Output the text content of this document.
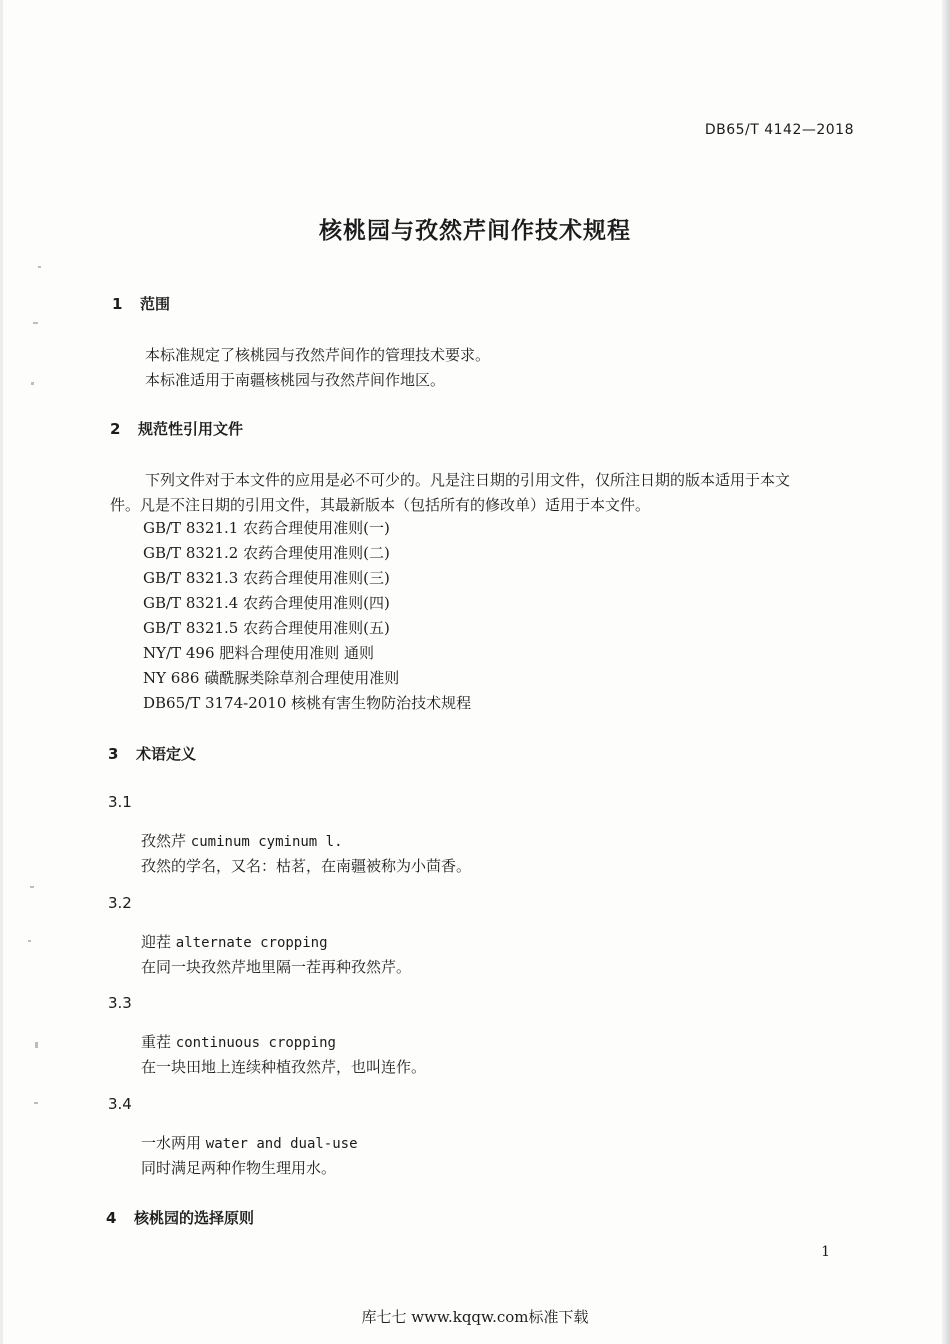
DB65/T 4142—2018
核桃园与孜然芹间作技术规程
1 范围
本标准规定了核桃园与孜然芹间作的管理技术要求。
本标准适用于南疆核桃园与孜然芹间作地区。
2 规范性引用文件
下列文件对于本文件的应用是必不可少的。凡是注日期的引用文件，仅所注日期的版本适用于本文
件。凡是不注日期的引用文件，其最新版本（包括所有的修改单）适用于本文件。
GB/T 8321.1 农药合理使用准则(一)
GB/T 8321.2 农药合理使用准则(二)
GB/T 8321.3 农药合理使用准则(三)
GB/T 8321.4 农药合理使用准则(四)
GB/T 8321.5 农药合理使用准则(五)
NY/T 496 肥料合理使用准则 通则
NY 686 磺酰脲类除草剂合理使用准则
DB65/T 3174-2010 核桃有害生物防治技术规程
3 术语定义
3.1
孜然芹 cuminum cyminum l.
孜然的学名，又名：枯茗，在南疆被称为小茴香。
3.2
迎茬 alternate cropping
在同一块孜然芹地里隔一茬再种孜然芹。
3.3
重茬 continuous cropping
在一块田地上连续种植孜然芹，也叫连作。
3.4
一水两用 water and dual-use
同时满足两种作物生理用水。
4 核桃园的选择原则
1
库七七 www.kqqw.com标准下载
